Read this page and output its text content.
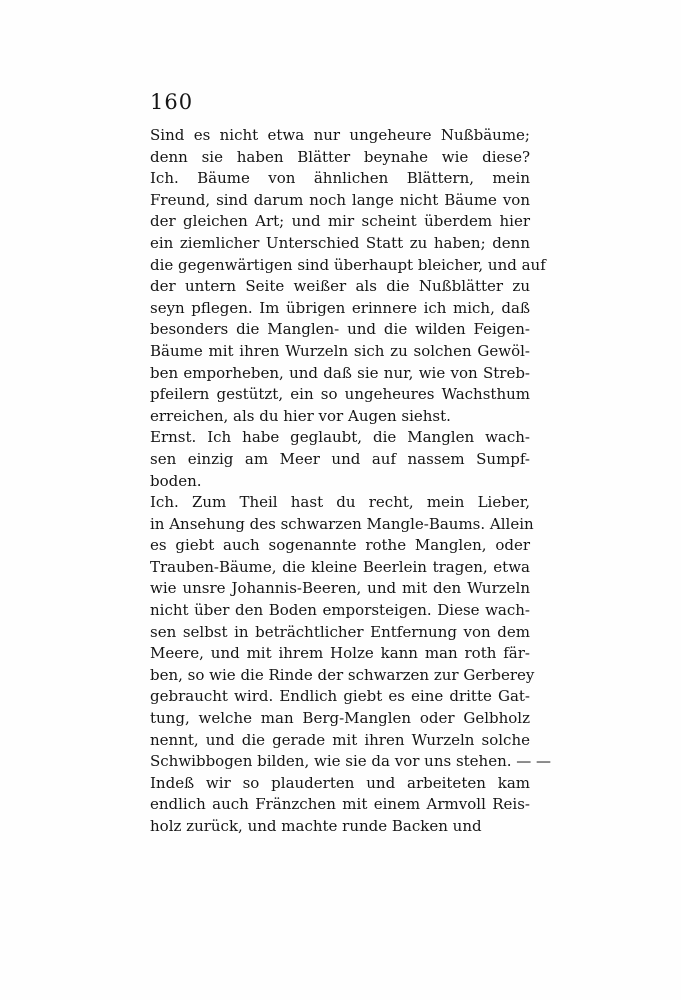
160
Sind es nicht etwa nur ungeheure Nußbäume;
denn sie haben Blätter beynahe wie diese?
Ich. Bäume von ähnlichen Blättern, mein
Freund, sind darum noch lange nicht Bäume von
der gleichen Art; und mir scheint überdem hier
ein ziemlicher Unterschied Statt zu haben; denn
die gegenwärtigen sind überhaupt bleicher, und auf
der untern Seite weißer als die Nußblätter zu
seyn pflegen. Im übrigen erinnere ich mich, daß
besonders die Manglen- und die wilden Feigen-
Bäume mit ihren Wurzeln sich zu solchen Gewöl-
ben emporheben, und daß sie nur, wie von Streb-
pfeilern gestützt, ein so ungeheures Wachsthum
erreichen, als du hier vor Augen siehst.
Ernst. Ich habe geglaubt, die Manglen wach-
sen einzig am Meer und auf nassem Sumpf-
boden.
Ich. Zum Theil hast du recht, mein Lieber,
in Ansehung des schwarzen Mangle-Baums. Allein
es giebt auch sogenannte rothe Manglen, oder
Trauben-Bäume, die kleine Beerlein tragen, etwa
wie unsre Johannis-Beeren, und mit den Wurzeln
nicht über den Boden emporsteigen. Diese wach-
sen selbst in beträchtlicher Entfernung von dem
Meere, und mit ihrem Holze kann man roth fär-
ben, so wie die Rinde der schwarzen zur Gerberey
gebraucht wird. Endlich giebt es eine dritte Gat-
tung, welche man Berg-Manglen oder Gelbholz
nennt, und die gerade mit ihren Wurzeln solche
Schwibbogen bilden, wie sie da vor uns stehen. — —
Indeß wir so plauderten und arbeiteten kam
endlich auch Fränzchen mit einem Armvoll Reis-
holz zurück, und machte runde Backen und
